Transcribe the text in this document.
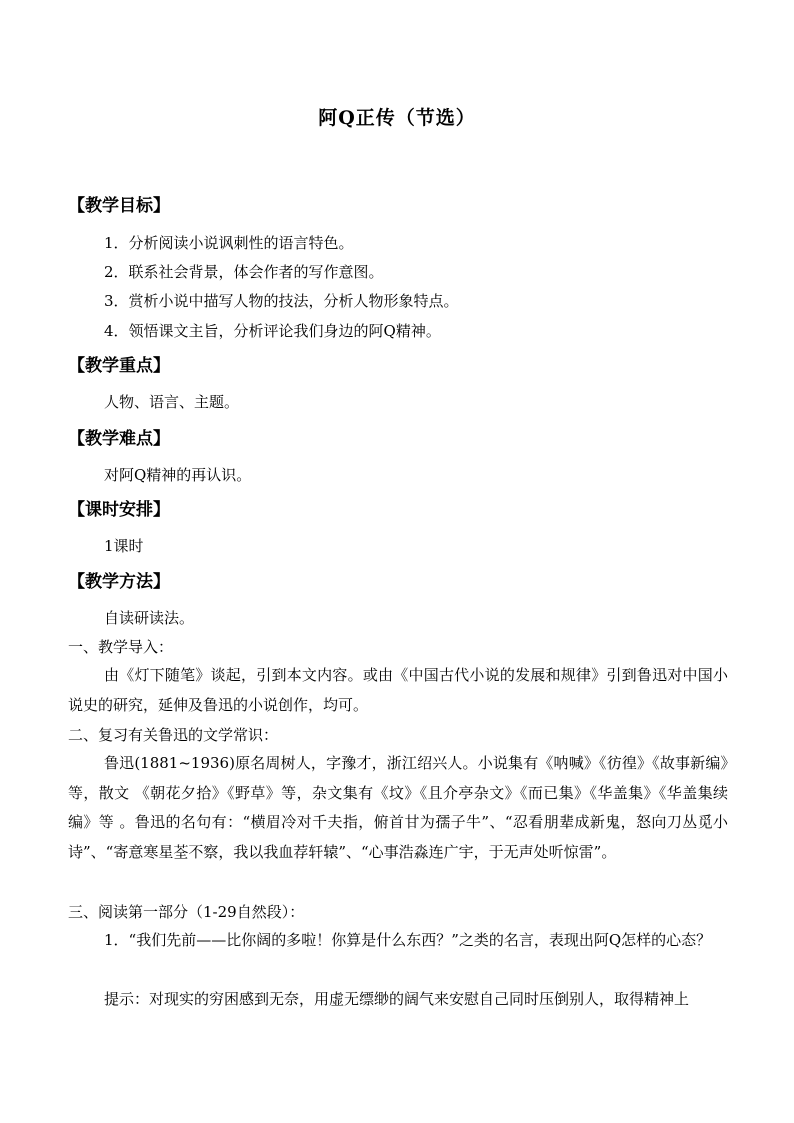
阿Q正传（节选）
【教学目标】
1．分析阅读小说讽刺性的语言特色。
2．联系社会背景，体会作者的写作意图。
3．赏析小说中描写人物的技法，分析人物形象特点。
4．领悟课文主旨，分析评论我们身边的阿Q精神。
【教学重点】
人物、语言、主题。
【教学难点】
对阿Q精神的再认识。
【课时安排】
1课时
【教学方法】
自读研读法。
一、教学导入：
由《灯下随笔》谈起，引到本文内容。或由《中国古代小说的发展和规律》引到鲁迅对中国小说史的研究，延伸及鲁迅的小说创作，均可。
二、复习有关鲁迅的文学常识：
鲁迅(1881~1936)原名周树人，字豫才，浙江绍兴人。小说集有《呐喊》《彷徨》《故事新编》等，散文 《朝花夕拾》《野草》等，杂文集有《坟》《且介亭杂文》《而已集》《华盖集》《华盖集续编》等 。鲁迅的名句有：“横眉冷对千夫指，俯首甘为孺子牛”、“忍看朋辈成新鬼，怒向刀丛觅小诗”、“寄意寒星荃不察，我以我血荐轩辕”、“心事浩淼连广宇，于无声处听惊雷”。
三、阅读第一部分（1-29自然段）：
1．“我们先前——比你阔的多啦！你算是什么东西？”之类的名言，表现出阿Q怎样的心态？
提示：对现实的穷困感到无奈，用虚无缥缈的阔气来安慰自己同时压倒别人，取得精神上
